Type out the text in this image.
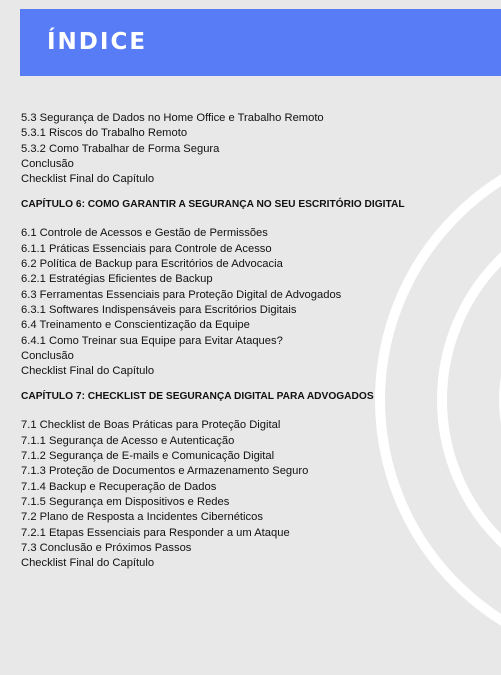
ÍNDICE
5.3 Segurança de Dados no Home Office e Trabalho Remoto
5.3.1 Riscos do Trabalho Remoto
5.3.2 Como Trabalhar de Forma Segura
Conclusão
Checklist Final do Capítulo
CAPÍTULO 6: COMO GARANTIR A SEGURANÇA NO SEU ESCRITÓRIO DIGITAL
6.1 Controle de Acessos e Gestão de Permissões
6.1.1 Práticas Essenciais para Controle de Acesso
6.2 Política de Backup para Escritórios de Advocacia
6.2.1 Estratégias Eficientes de Backup
6.3 Ferramentas Essenciais para Proteção Digital de Advogados
6.3.1 Softwares Indispensáveis para Escritórios Digitais
6.4 Treinamento e Conscientização da Equipe
6.4.1 Como Treinar sua Equipe para Evitar Ataques?
Conclusão
Checklist Final do Capítulo
CAPÍTULO 7: CHECKLIST DE SEGURANÇA DIGITAL PARA ADVOGADOS
7.1 Checklist de Boas Práticas para Proteção Digital
7.1.1 Segurança de Acesso e Autenticação
7.1.2 Segurança de E-mails e Comunicação Digital
7.1.3 Proteção de Documentos e Armazenamento Seguro
7.1.4 Backup e Recuperação de Dados
7.1.5 Segurança em Dispositivos e Redes
7.2 Plano de Resposta a Incidentes Cibernéticos
7.2.1 Etapas Essenciais para Responder a um Ataque
7.3 Conclusão e Próximos Passos
Checklist Final do Capítulo
